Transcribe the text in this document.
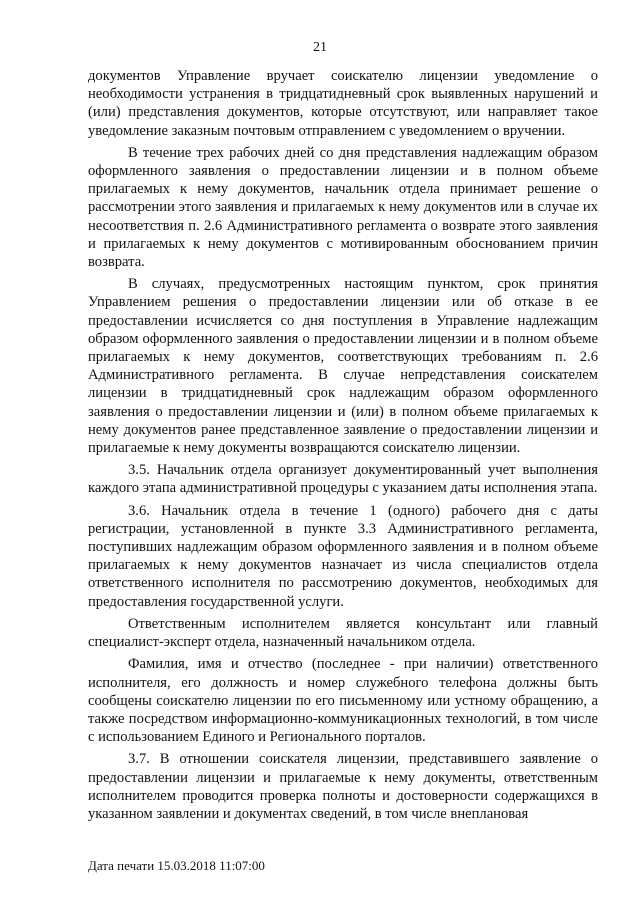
21

документов Управление вручает соискателю лицензии уведомление о необходимости устранения в тридцатидневный срок выявленных нарушений и (или) представления документов, которые отсутствуют, или направляет такое уведомление заказным почтовым отправлением с уведомлением о вручении.

В течение трех рабочих дней со дня представления надлежащим образом оформленного заявления о предоставлении лицензии и в полном объеме прилагаемых к нему документов, начальник отдела принимает решение о рассмотрении этого заявления и прилагаемых к нему документов или в случае их несоответствия п. 2.6 Административного регламента о возврате этого заявления и прилагаемых к нему документов с мотивированным обоснованием причин возврата.

В случаях, предусмотренных настоящим пунктом, срок принятия Управлением решения о предоставлении лицензии или об отказе в ее предоставлении исчисляется со дня поступления в Управление надлежащим образом оформленного заявления о предоставлении лицензии и в полном объеме прилагаемых к нему документов, соответствующих требованиям п. 2.6 Административного регламента. В случае непредставления соискателем лицензии в тридцатидневный срок надлежащим образом оформленного заявления о предоставлении лицензии и (или) в полном объеме прилагаемых к нему документов ранее представленное заявление о предоставлении лицензии и прилагаемые к нему документы возвращаются соискателю лицензии.

3.5. Начальник отдела организует документированный учет выполнения каждого этапа административной процедуры с указанием даты исполнения этапа.

3.6. Начальник отдела в течение 1 (одного) рабочего дня с даты регистрации, установленной в пункте 3.3 Административного регламента, поступивших надлежащим образом оформленного заявления и в полном объеме прилагаемых к нему документов назначает из числа специалистов отдела ответственного исполнителя по рассмотрению документов, необходимых для предоставления государственной услуги.

Ответственным исполнителем является консультант или главный специалист-эксперт отдела, назначенный начальником отдела.

Фамилия, имя и отчество (последнее - при наличии) ответственного исполнителя, его должность и номер служебного телефона должны быть сообщены соискателю лицензии по его письменному или устному обращению, а также посредством информационно-коммуникационных технологий, в том числе с использованием Единого и Регионального порталов.

3.7. В отношении соискателя лицензии, представившего заявление о предоставлении лицензии и прилагаемые к нему документы, ответственным исполнителем проводится проверка полноты и достоверности содержащихся в указанном заявлении и документах сведений, в том числе внеплановая

Дата печати 15.03.2018 11:07:00
